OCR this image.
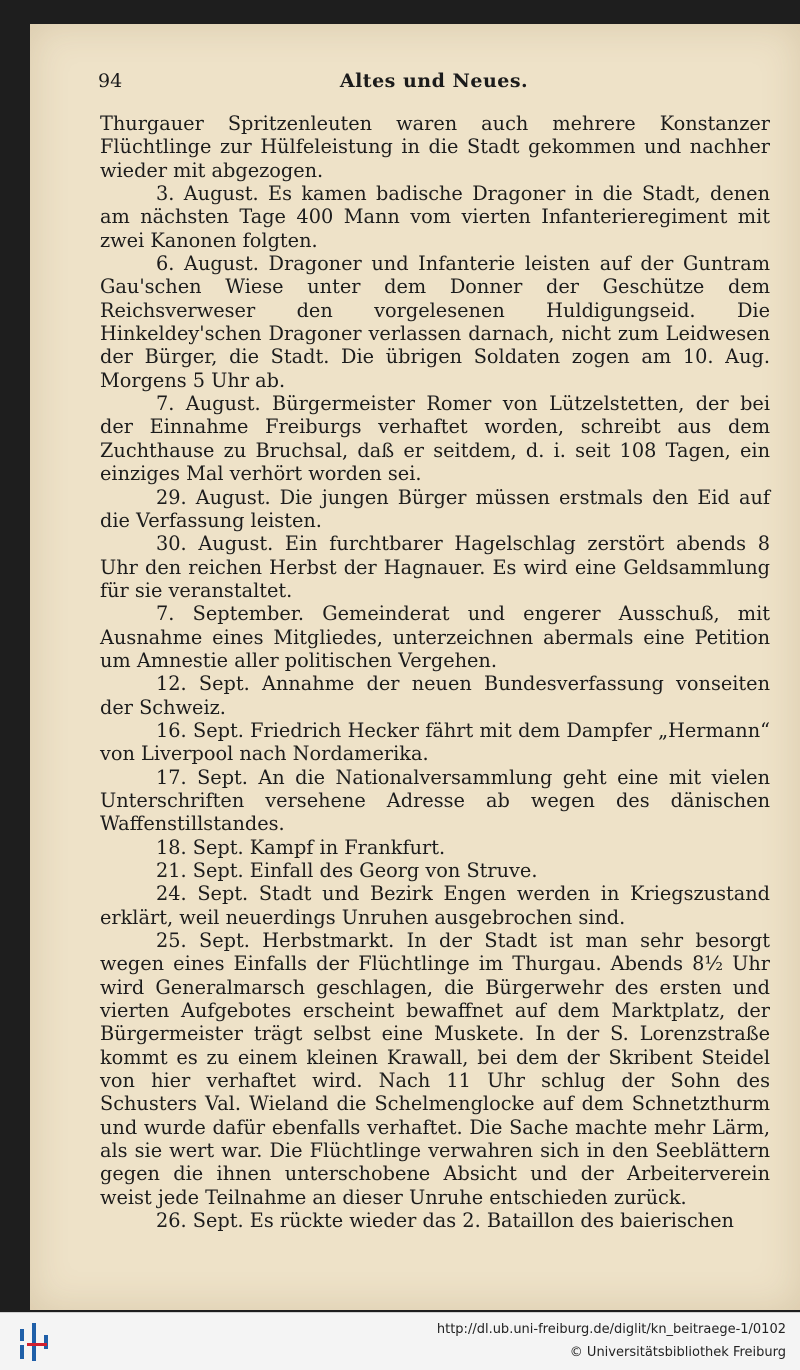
94	Altes und Neues.

Thurgauer Spritzenleuten waren auch mehrere Konstanzer Flüchtlinge zur Hülfeleistung in die Stadt gekommen und nachher wieder mit abgezogen.

3. August. Es kamen badische Dragoner in die Stadt, denen am nächsten Tage 400 Mann vom vierten Infanterieregiment mit zwei Kanonen folgten.

6. August. Dragoner und Infanterie leisten auf der Guntram Gau'schen Wiese unter dem Donner der Geschütze dem Reichsverweser den vorgelesenen Huldigungseid. Die Hinkeldey'schen Dragoner verlassen darnach, nicht zum Leidwesen der Bürger, die Stadt. Die übrigen Soldaten zogen am 10. Aug. Morgens 5 Uhr ab.

7. August. Bürgermeister Romer von Lützelstetten, der bei der Einnahme Freiburgs verhaftet worden, schreibt aus dem Zuchthause zu Bruchsal, daß er seitdem, d. i. seit 108 Tagen, ein einziges Mal verhört worden sei.

29. August. Die jungen Bürger müssen erstmals den Eid auf die Verfassung leisten.

30. August. Ein furchtbarer Hagelschlag zerstört abends 8 Uhr den reichen Herbst der Hagnauer. Es wird eine Geldsammlung für sie veranstaltet.

7. September. Gemeinderat und engerer Ausschuß, mit Ausnahme eines Mitgliedes, unterzeichnen abermals eine Petition um Amnestie aller politischen Vergehen.

12. Sept. Annahme der neuen Bundesverfassung vonseiten der Schweiz.

16. Sept. Friedrich Hecker fährt mit dem Dampfer „Hermann“ von Liverpool nach Nordamerika.

17. Sept. An die Nationalversammlung geht eine mit vielen Unterschriften versehene Adresse ab wegen des dänischen Waffenstillstandes.

18. Sept. Kampf in Frankfurt.

21. Sept. Einfall des Georg von Struve.

24. Sept. Stadt und Bezirk Engen werden in Kriegszustand erklärt, weil neuerdings Unruhen ausgebrochen sind.

25. Sept. Herbstmarkt. In der Stadt ist man sehr besorgt wegen eines Einfalls der Flüchtlinge im Thurgau. Abends 8½ Uhr wird Generalmarsch geschlagen, die Bürgerwehr des ersten und vierten Aufgebotes erscheint bewaffnet auf dem Marktplatz, der Bürgermeister trägt selbst eine Muskete. In der S. Lorenzstraße kommt es zu einem kleinen Krawall, bei dem der Skribent Steidel von hier verhaftet wird. Nach 11 Uhr schlug der Sohn des Schusters Val. Wieland die Schelmenglocke auf dem Schnetzthurm und wurde dafür ebenfalls verhaftet. Die Sache machte mehr Lärm, als sie wert war. Die Flüchtlinge verwahren sich in den Seeblättern gegen die ihnen unterschobene Absicht und der Arbeiterverein weist jede Teilnahme an dieser Unruhe entschieden zurück.

26. Sept. Es rückte wieder das 2. Bataillon des baierischen

http://dl.ub.uni-freiburg.de/diglit/kn_beitraege-1/0102
© Universitätsbibliothek Freiburg
